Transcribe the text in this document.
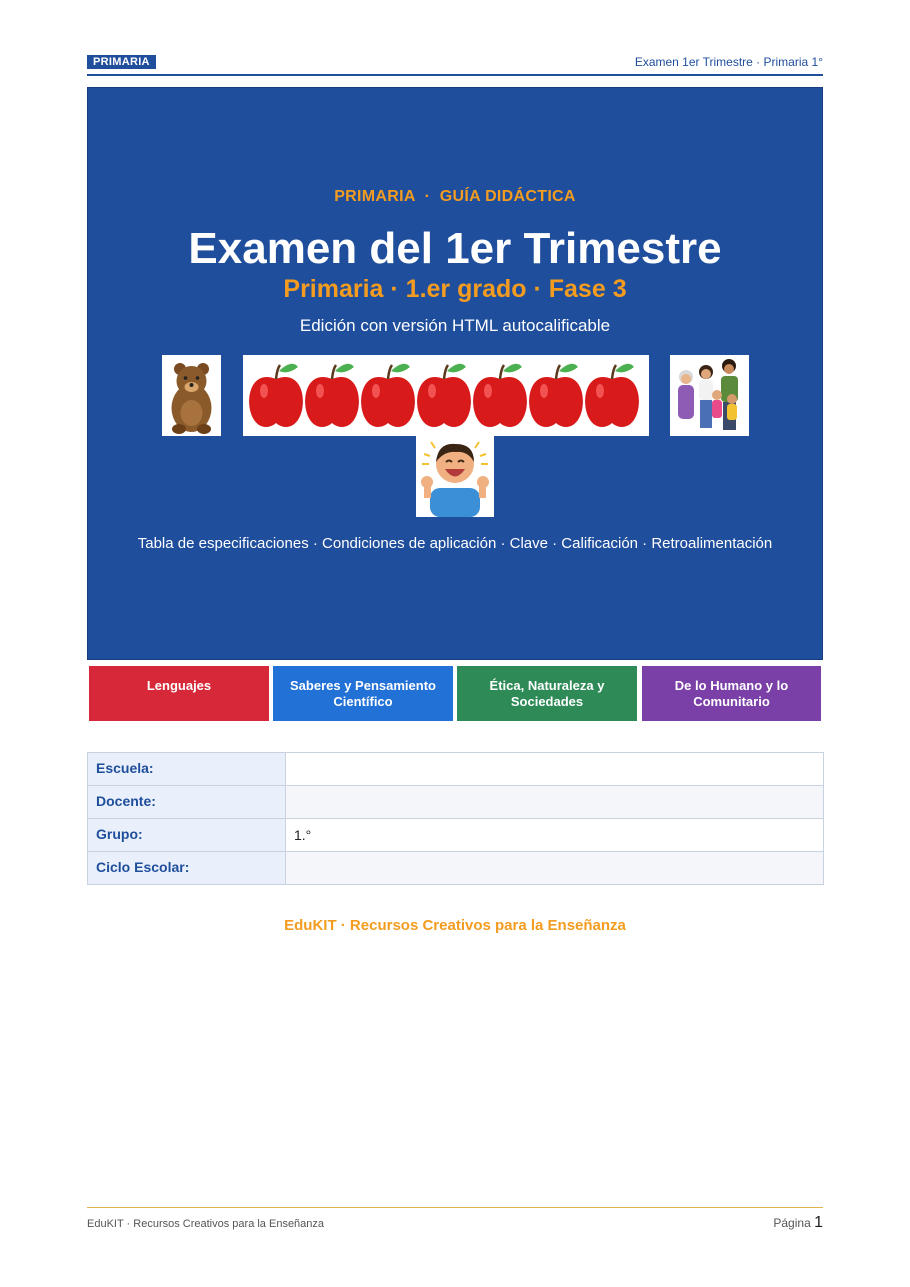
PRIMARIA	Examen 1er Trimestre · Primaria 1°
PRIMARIA  ·  GUÍA DIDÁCTICA
Examen del 1er Trimestre
Primaria · 1.er grado · Fase 3
Edición con versión HTML autocalificable
Tabla de especificaciones · Condiciones de aplicación · Clave · Calificación · Retroalimentación
Lenguajes	Saberes y Pensamiento Científico
Ética, Naturaleza y Sociedades
De lo Humano y lo Comunitario
Escuela:	
Docente:	
Grupo:	1.°
Ciclo Escolar:	
EduKIT · Recursos Creativos para la Enseñanza
EduKIT · Recursos Creativos para la Enseñanza	Página 1
